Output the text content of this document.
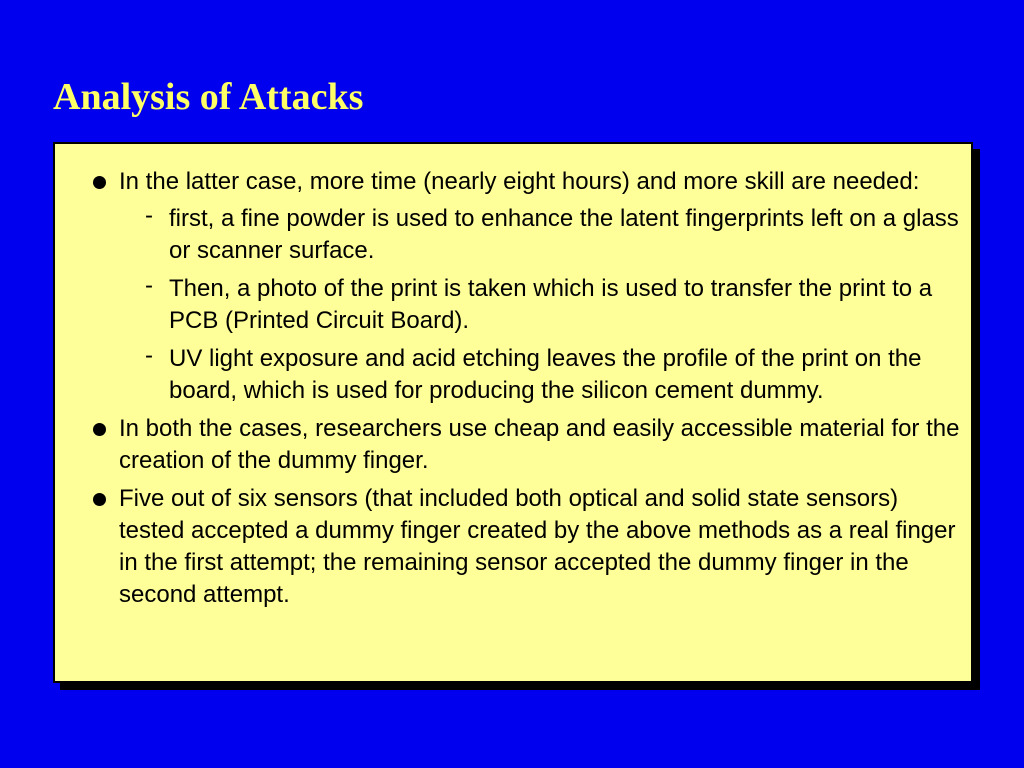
Analysis of Attacks
In the latter case, more time (nearly eight hours) and more skill are needed:
- first, a fine powder is used to enhance the latent fingerprints left on a glass or scanner surface.
- Then, a photo of the print is taken which is used to transfer the print to a PCB (Printed Circuit Board).
- UV light exposure and acid etching leaves the profile of the print on the board, which is used for producing the silicon cement dummy.
In both the cases, researchers use cheap and easily accessible material for the creation of the dummy finger.
Five out of six sensors (that included both optical and solid state sensors) tested accepted a dummy finger created by the above methods as a real finger in the first attempt; the remaining sensor accepted the dummy finger in the second attempt.
